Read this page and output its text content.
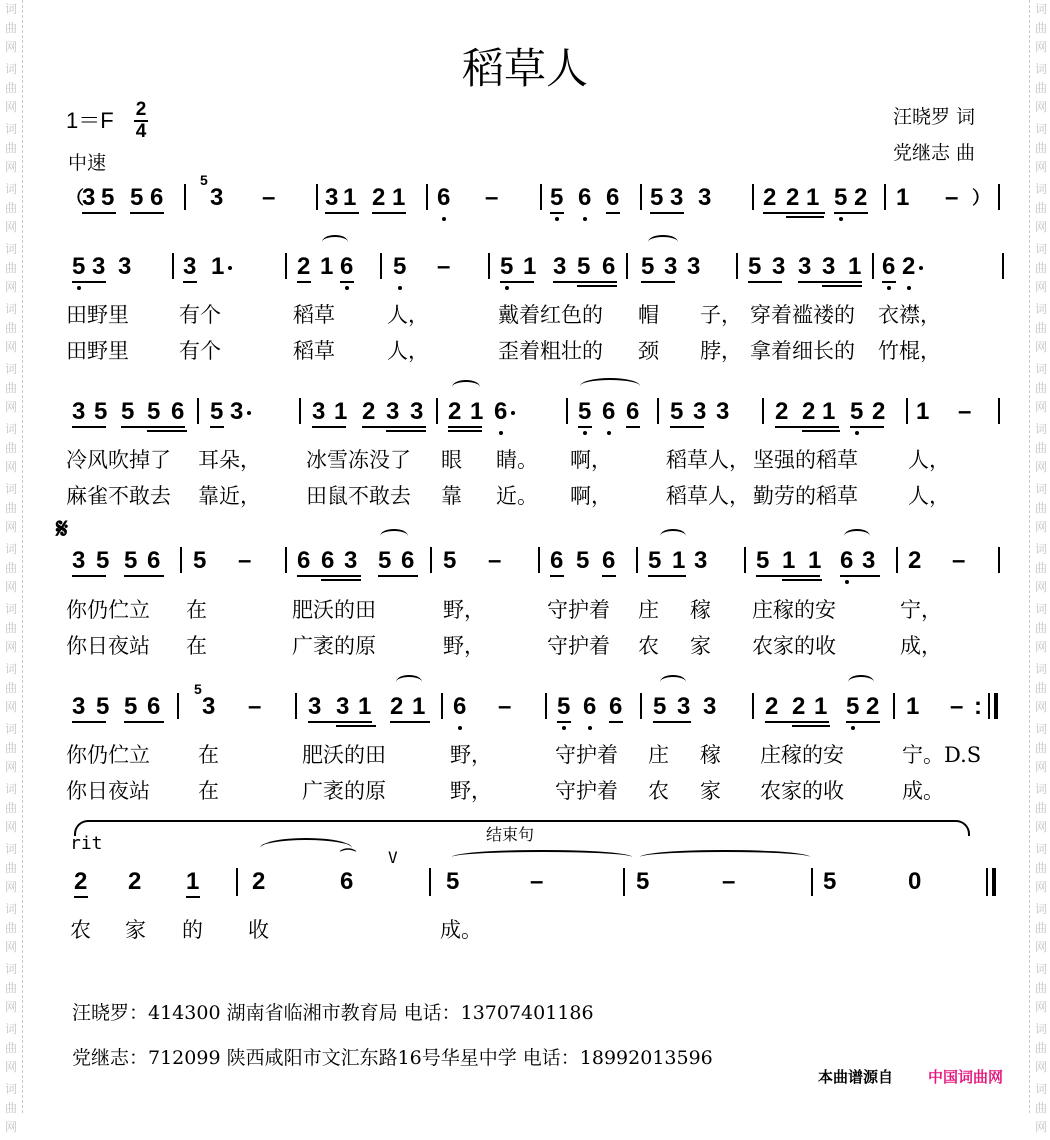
词
曲
网
词
曲
网
词
曲
网
词
曲
网
词
曲
网
词
曲
网
词
曲
网
词
曲
网
词
曲
网
词
曲
网
词
曲
网
词
曲
网
词
曲
网
词
曲
网
词
曲
网
词
曲
网
词
曲
网
词
曲
网
词
曲
网
词
曲
网
词
曲
网
词
曲
网
词
曲
网
词
曲
网
词
曲
网
词
曲
网
词
曲
网
词
曲
网
词
曲
网
词
曲
网
词
曲
网
词
曲
网
词
曲
网
词
曲
网
词
曲
网
词
曲
网
词
曲
网
词
曲
网
稻草人
1＝F 2
4
中速
汪晓罗 词
党继志 曲
（
3 5 5 6
5
3 – 3 1 2 1 6 – 5 6 6 5 3 3 2 2 1 5 2 1 – ）
5 3 3 3 1	2 1 6 5 – 5 1 3 5 6 5 3 3 5 3 3 3 1 6 2
3 5 5 5 6 5 3	3 1 2 3 3 2 1 6	5 6 6 5 3 3 2 2 1 5 2 1 –
3 5 5 6 5 – 6 6 3 5 6 5 – 6 5 6 5 1 3 5 1 1 6 3 2 –
3 5 5 6
5
3 – 3 3 1 2 1 6 – 5 6 6 5 3 3 2 2 1 5 2 1 – :
2 2 1 2	6
⌒
5	–	5	–	5	0
田野里 有个	稻草 人，	戴着红色的 帽 子， 穿着褴褛的 衣襟，
田野里 有个	稻草 人，	歪着粗壮的 颈 脖， 拿着细长的 竹棍，
冷风吹掉了 耳朵， 冰雪冻没了 眼 睛。 啊，	稻草人， 坚强的稻草 人，
麻雀不敢去 靠近， 田鼠不敢去 靠 近。 啊，	稻草人， 勤劳的稻草 人，
你仍伫立 在	肥沃的田	野，	守护着 庄 稼 庄稼的安	宁，
你日夜站 在	广袤的原	野，	守护着 农 家 农家的收	成，
你仍伫立 在	肥沃的田	野，	守护着 庄 稼 庄稼的安	宁。D.S
你日夜站 在	广袤的原	野，	守护着 农 家 农家的收	成。
农 家 的 收	成。
𝄋
rit	结束句
V
汪晓罗：414300 湖南省临湘市教育局 电话：13707401186
党继志：712099 陕西咸阳市文汇东路16号华星中学 电话：18992013596
本曲谱源自 中国词曲网
